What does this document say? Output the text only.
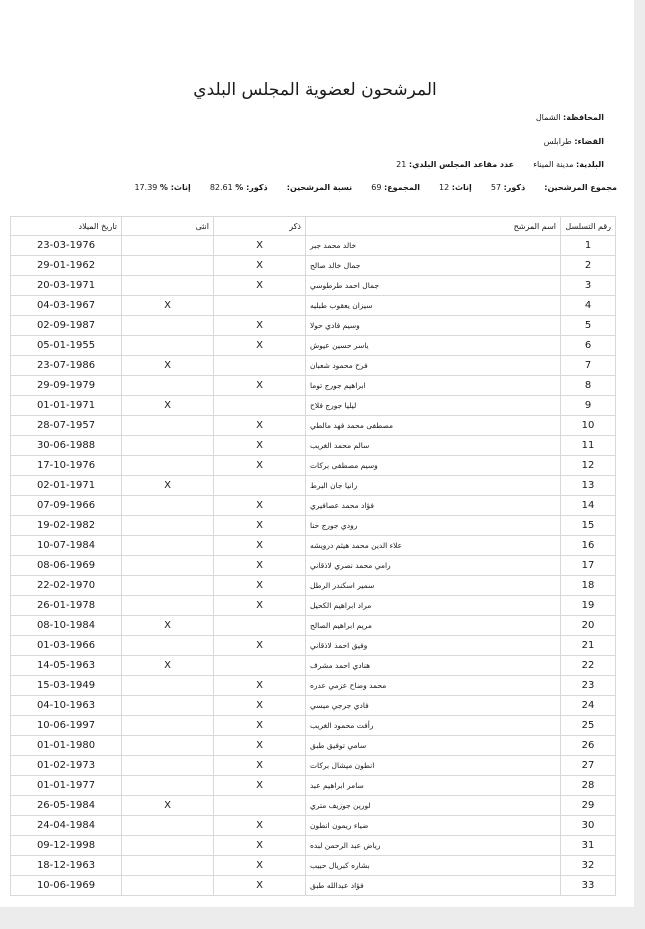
المرشحون لعضوية المجلس البلدي
المحافظة: الشمال
القضاء: طرابلس
البلدية: مدينة الميناء  عدد مقاعد المجلس البلدي: 21
مجموع المرشحين:  ذكور: 57  إناث: 12  المجموع: 69  نسبة المرشحين:  ذكور: % 82.61  إناث: % 17.39
رقم التسلسل	اسم المرشح	ذكر	انثى	تاريخ الميلاد
1	خالد محمد جبر	X		23-03-1976
2	جمال خالد صالح	X		29-01-1962
3	جمال احمد طرطوسي	X		20-03-1971
4	سيزان يعقوب طبليه		X	04-03-1967
5	وسيم فادي حولا	X		02-09-1987
6	ياسر حسين عيوش	X		05-01-1955
7	فرح محمود شعبان		X	23-07-1986
8	ابراهيم جورج توما	X		29-09-1979
9	ليليا جورج فلاح		X	01-01-1971
10	مصطفى محمد فهد مالطي	X		28-07-1957
11	سالم محمد الغريب	X		30-06-1988
12	وسيم مصطفى بركات	X		17-10-1976
13	رانيا جان البرط		X	02-01-1971
14	فؤاد محمد عصافيري	X		07-09-1966
15	رودي جورج حنا	X		19-02-1982
16	علاء الدين محمد هيثم درويشه	X		10-07-1984
17	رامي محمد نصري لاذقاني	X		08-06-1969
18	سمير اسكندر الرطل	X		22-02-1970
19	مراد ابراهيم الكحيل	X		26-01-1978
20	مريم ابراهيم الصالح		X	08-10-1984
21	وفيق احمد لاذقاني	X		01-03-1966
22	هنادي احمد مشرف		X	14-05-1963
23	محمد وضاح عزمي عدره	X		15-03-1949
24	فادي جرجي ميسي	X		04-10-1963
25	رأفت محمود الغريب	X		10-06-1997
26	سامي توفيق طبق	X		01-01-1980
27	انطون ميشال بركات	X		01-02-1973
28	سامر ابراهيم عبد	X		01-01-1977
29	لورين جوزيف متري		X	26-05-1984
30	ضياء ريمون انطون	X		24-04-1984
31	رياض عبد الرحمن لبده	X		09-12-1998
32	بشاره كبريال حبيب	X		18-12-1963
33	فؤاد عبدالله طبق	X		10-06-1969
